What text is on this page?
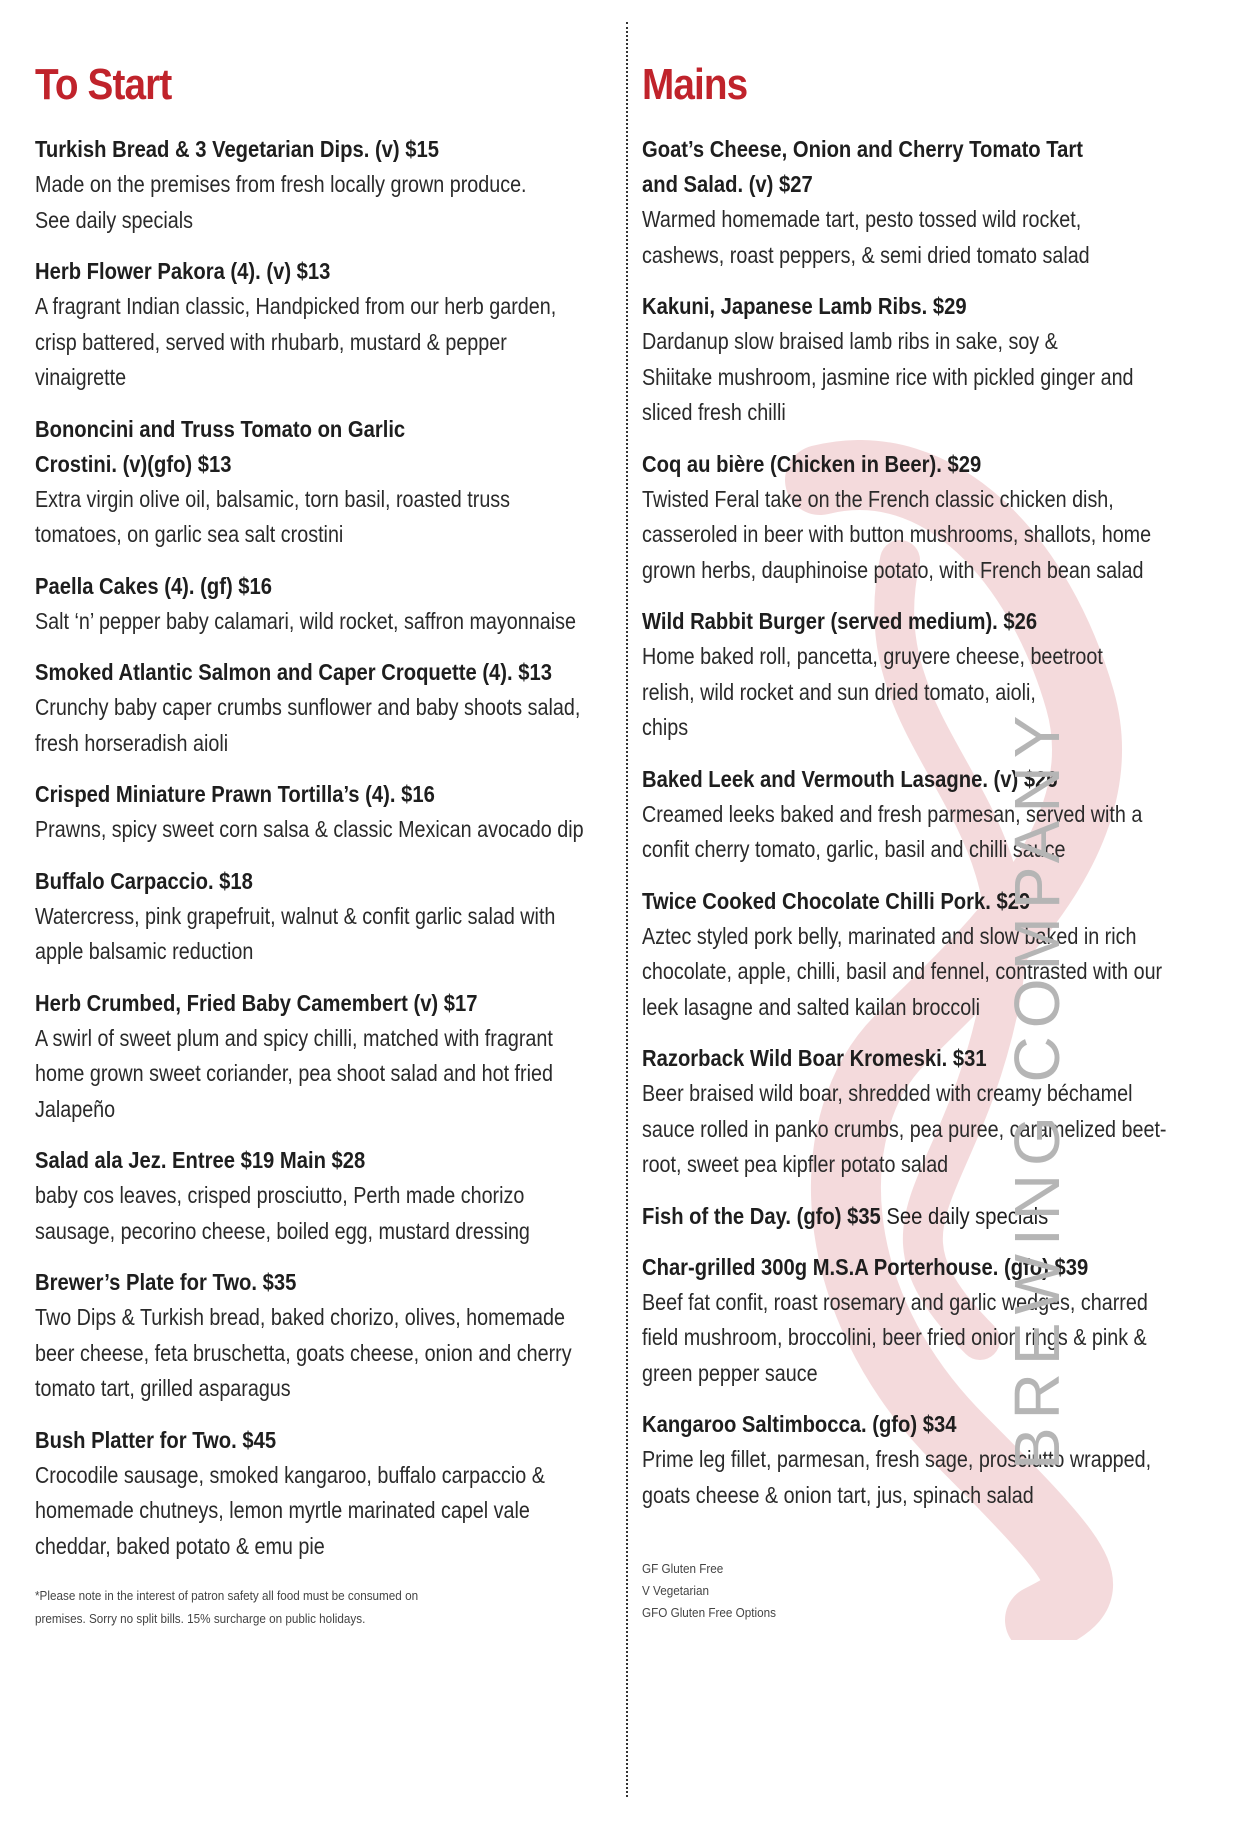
To Start
Turkish Bread & 3 Vegetarian Dips. (v) $15
Made on the premises from fresh locally grown produce.
See daily specials
Herb Flower Pakora (4). (v) $13
A fragrant Indian classic, Handpicked from our herb garden,
crisp battered, served with rhubarb, mustard & pepper
vinaigrette
Bononcini and Truss Tomato on Garlic
Crostini. (v)(gfo) $13
Extra virgin olive oil, balsamic, torn basil, roasted truss
tomatoes, on garlic sea salt crostini
Paella Cakes (4). (gf) $16
Salt ‘n’ pepper baby calamari, wild rocket, saffron mayonnaise
Smoked Atlantic Salmon and Caper Croquette (4). $13
Crunchy baby caper crumbs sunflower and baby shoots salad,
fresh horseradish aioli
Crisped Miniature Prawn Tortilla’s (4). $16
Prawns, spicy sweet corn salsa & classic Mexican avocado dip
Buffalo Carpaccio. $18
Watercress, pink grapefruit, walnut & confit garlic salad with
apple balsamic reduction
Herb Crumbed, Fried Baby Camembert (v) $17
A swirl of sweet plum and spicy chilli, matched with fragrant
home grown sweet coriander, pea shoot salad and hot fried
Jalapeño
Salad ala Jez. Entree $19 Main $28
baby cos leaves, crisped prosciutto, Perth made chorizo
sausage, pecorino cheese, boiled egg, mustard dressing
Brewer’s Plate for Two. $35
Two Dips & Turkish bread, baked chorizo, olives, homemade
beer cheese, feta bruschetta, goats cheese, onion and cherry
tomato tart, grilled asparagus
Bush Platter for Two. $45
Crocodile sausage, smoked kangaroo, buffalo carpaccio &
homemade chutneys, lemon myrtle marinated capel vale
cheddar, baked potato & emu pie
*Please note in the interest of patron safety all food must be consumed on
premises. Sorry no split bills. 15% surcharge on public holidays.
Mains
Goat’s Cheese, Onion and Cherry Tomato Tart
and Salad. (v) $27
Warmed homemade tart, pesto tossed wild rocket,
cashews, roast peppers, & semi dried tomato salad
Kakuni, Japanese Lamb Ribs. $29
Dardanup slow braised lamb ribs in sake, soy &
Shiitake mushroom, jasmine rice with pickled ginger and
sliced fresh chilli
Coq au bière (Chicken in Beer). $29
Twisted Feral take on the French classic chicken dish,
casseroled in beer with button mushrooms, shallots, home
grown herbs, dauphinoise potato, with French bean salad
Wild Rabbit Burger (served medium). $26
Home baked roll, pancetta, gruyere cheese, beetroot
relish, wild rocket and sun dried tomato, aioli,
chips
Baked Leek and Vermouth Lasagne. (v) $26
Creamed leeks baked and fresh parmesan, served with a
confit cherry tomato, garlic, basil and chilli sauce
Twice Cooked Chocolate Chilli Pork. $29
Aztec styled pork belly, marinated and slow baked in rich
chocolate, apple, chilli, basil and fennel, contrasted with our
leek lasagne and salted kailan broccoli
Razorback Wild Boar Kromeski. $31
Beer braised wild boar, shredded with creamy béchamel
sauce rolled in panko crumbs, pea puree, caramelized beet-
root, sweet pea kipfler potato salad
Fish of the Day. (gfo) $35 See daily specials
Char-grilled 300g M.S.A Porterhouse. (gfo) $39
Beef fat confit, roast rosemary and garlic wedges, charred
field mushroom, broccolini, beer fried onion rings & pink &
green pepper sauce
Kangaroo Saltimbocca. (gfo) $34
Prime leg fillet, parmesan, fresh sage, prosciutto wrapped,
goats cheese & onion tart, jus, spinach salad
GF Gluten Free
V Vegetarian
GFO Gluten Free Options
BREWING COMPANY
